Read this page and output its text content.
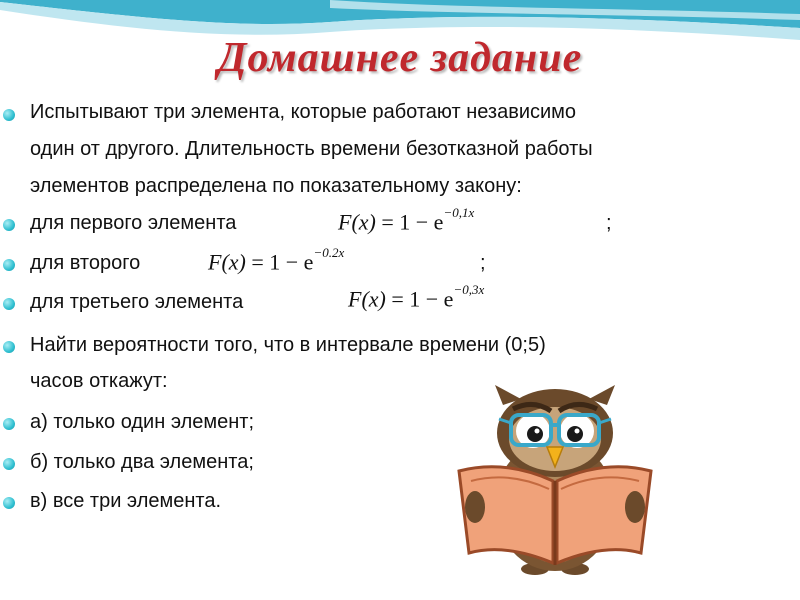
Домашнее задание
Испытывают три элемента, которые работают независимо
один от другого. Длительность времени безотказной работы
элементов распределена по показательному закону:
для первого элемента	$F(x) = 1 - e^{-0,1x}$	;
для второго	$F(x) = 1 - e^{-0.2x}$	;
для третьего элемента	$F(x) = 1 - e^{-0,3x}$
Найти вероятности того, что в интервале времени (0;5)
часов откажут:
а) только один элемент;
б) только два элемента;
в) все три элемента.
